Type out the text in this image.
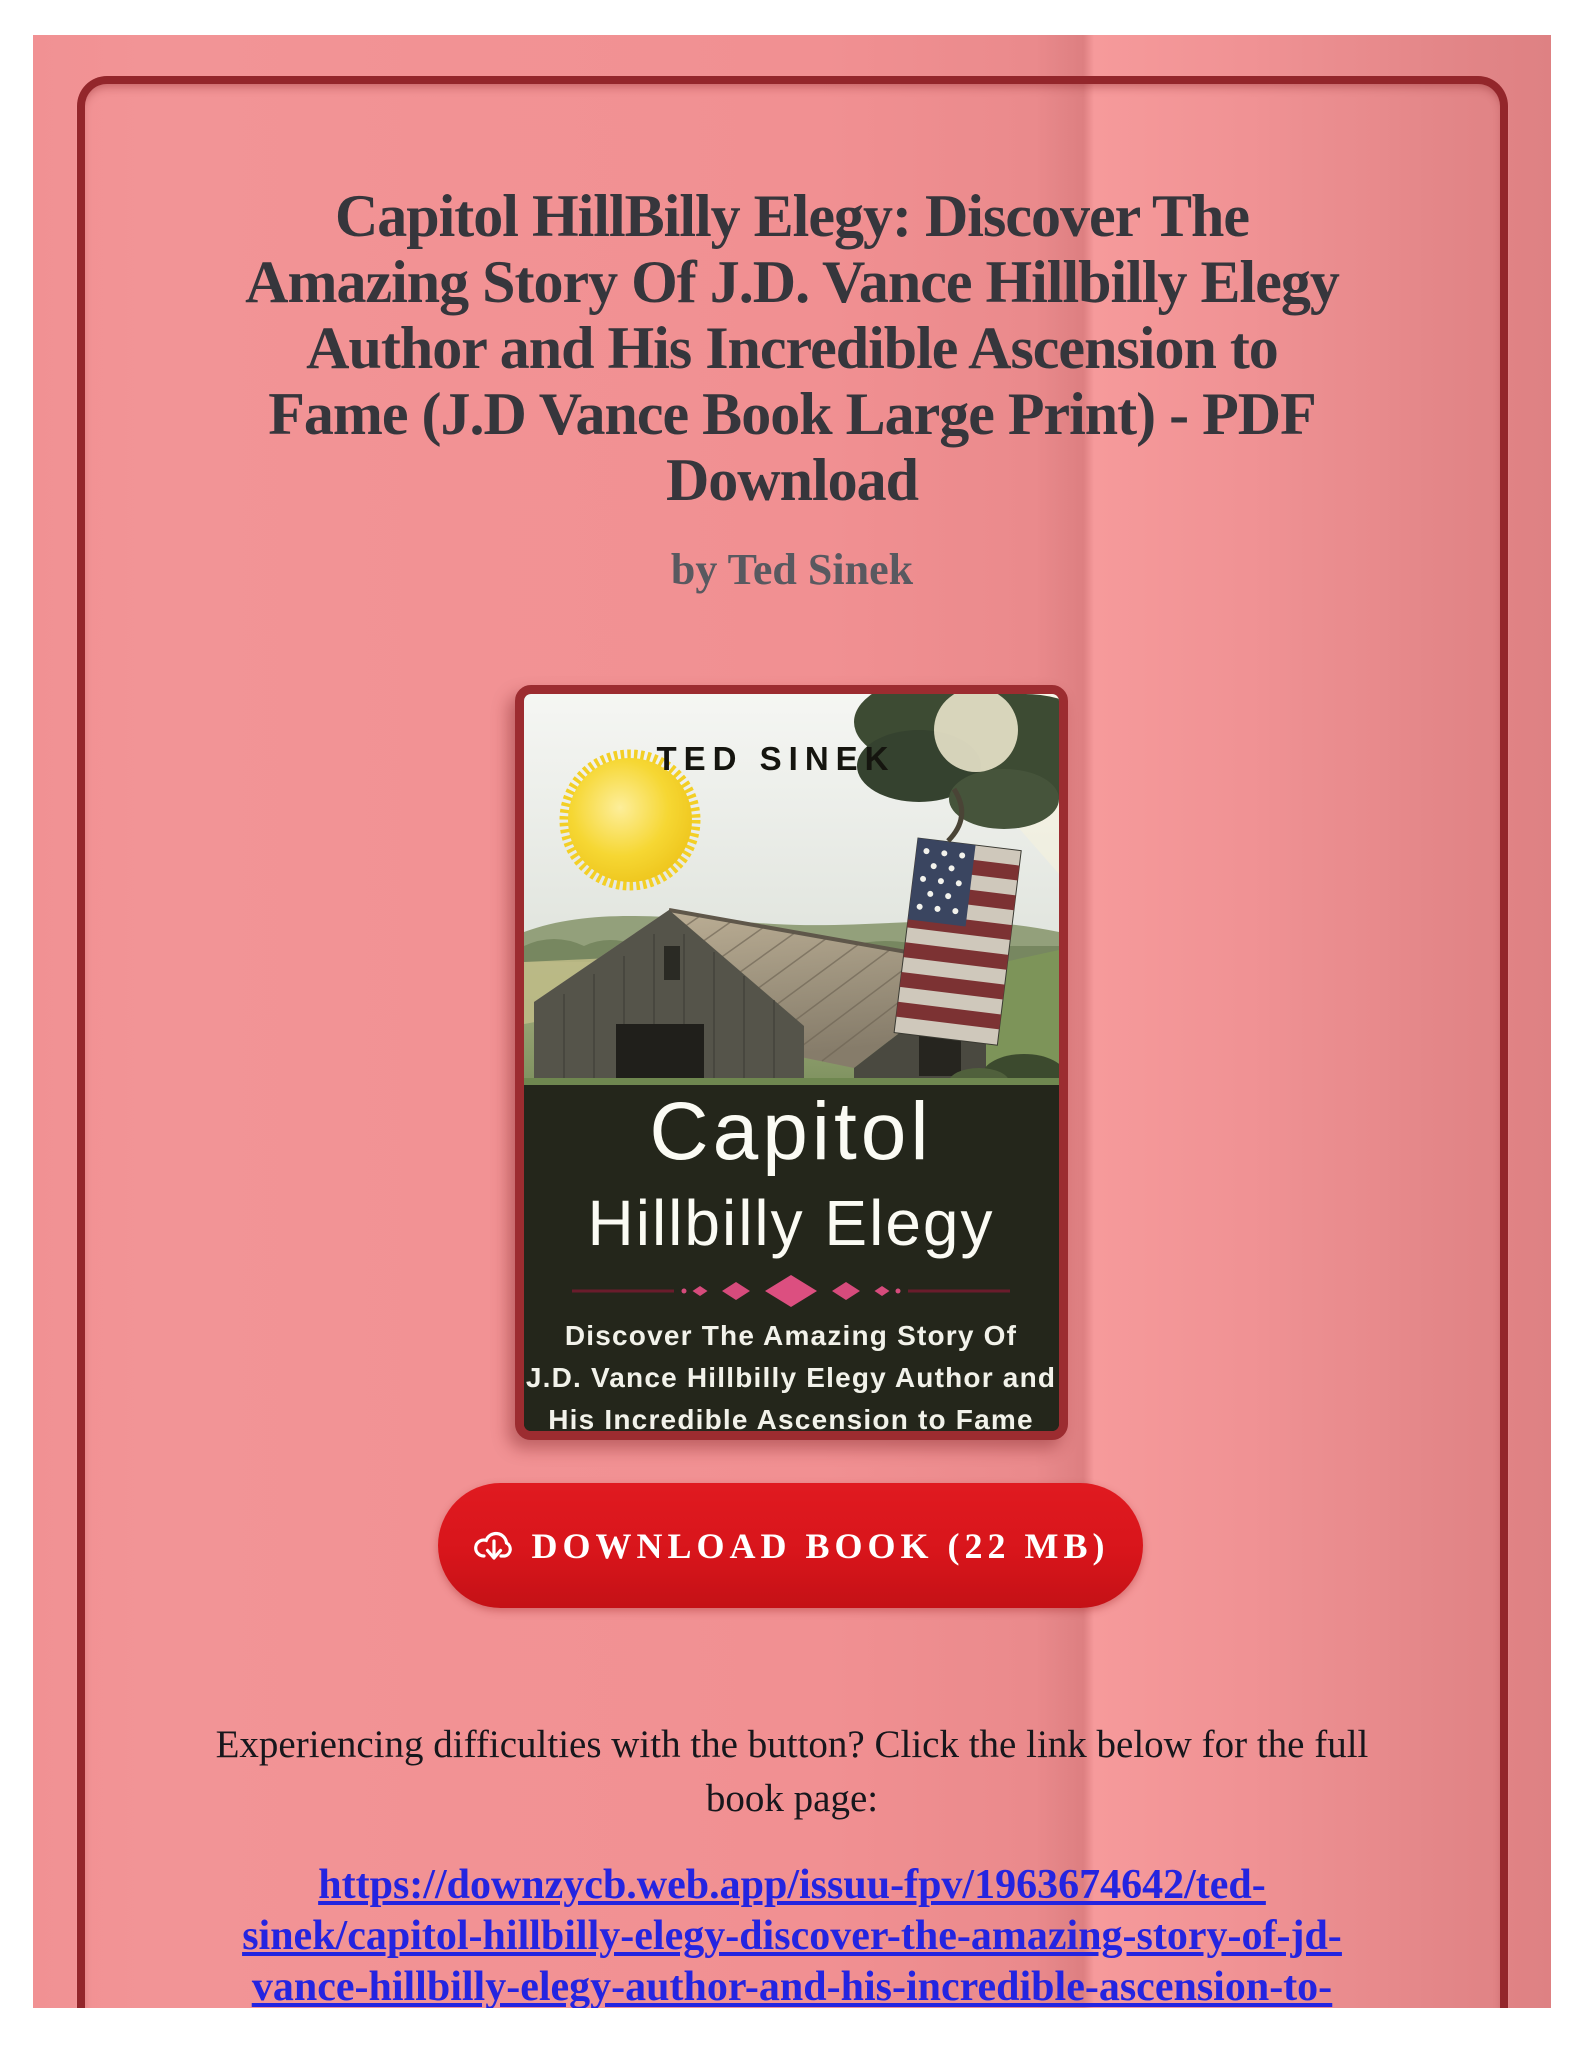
Capitol HillBilly Elegy: Discover The
Amazing Story Of J.D. Vance Hillbilly Elegy
Author and His Incredible Ascension to
Fame (J.D Vance Book Large Print) - PDF
Download
by Ted Sinek
TED SINEK
Capitol
Hillbilly Elegy
Discover The Amazing Story Of
J.D. Vance Hillbilly Elegy Author and
His Incredible Ascension to Fame
DOWNLOAD BOOK (22 MB)
Experiencing difficulties with the button? Click the link below for the full
book page:
https://downzycb.web.app/issuu-fpv/1963674642/ted-
sinek/capitol-hillbilly-elegy-discover-the-amazing-story-of-jd-
vance-hillbilly-elegy-author-and-his-incredible-ascension-to-
